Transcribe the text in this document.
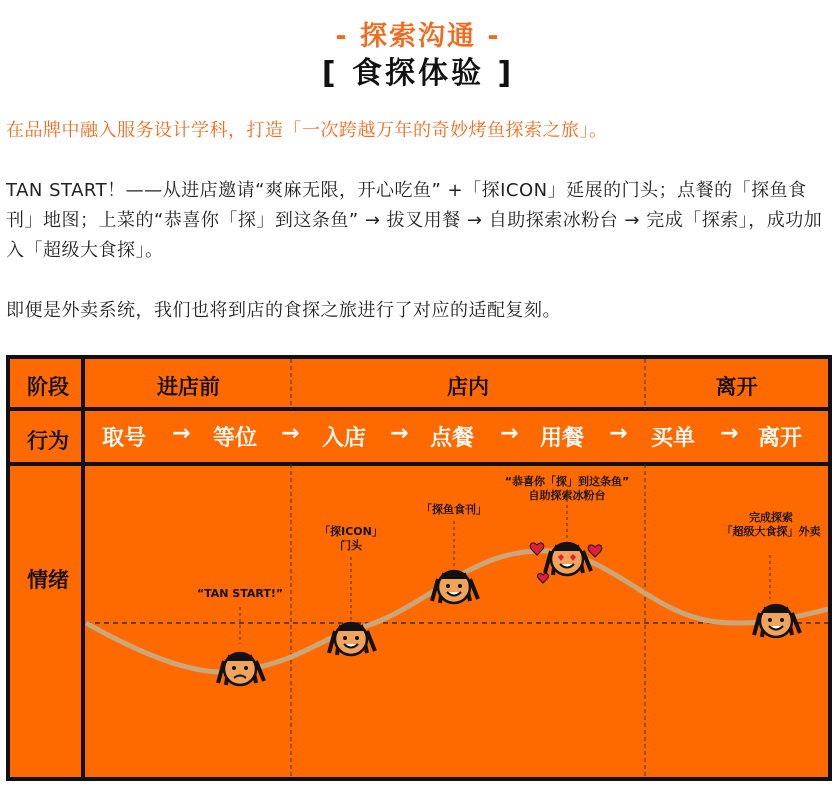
- 探索沟通 -
[ 食探体验 ]
在品牌中融入服务设计学科，打造「一次跨越万年的奇妙烤鱼探索之旅」。
TAN START！——从进店邀请“爽麻无限，开心吃鱼” +「探ICON」延展的门头；点餐的「探鱼食刊」地图；上菜的“恭喜你「探」到这条鱼” → 拔叉用餐 → 自助探索冰粉台 → 完成「探索」，成功加入「超级大食探」。
即便是外卖系统，我们也将到店的食探之旅进行了对应的适配复刻。
阶段
行为
情绪
进店前	店内	离开
取号 → 等位 → 入店 → 点餐 → 用餐 → 买单 → 离开
“TAN START!”
「探ICON」
门头
「探鱼食刊」
“恭喜你「探」到这条鱼”
自助探索冰粉台
完成探索
「超级大食探」外卖
